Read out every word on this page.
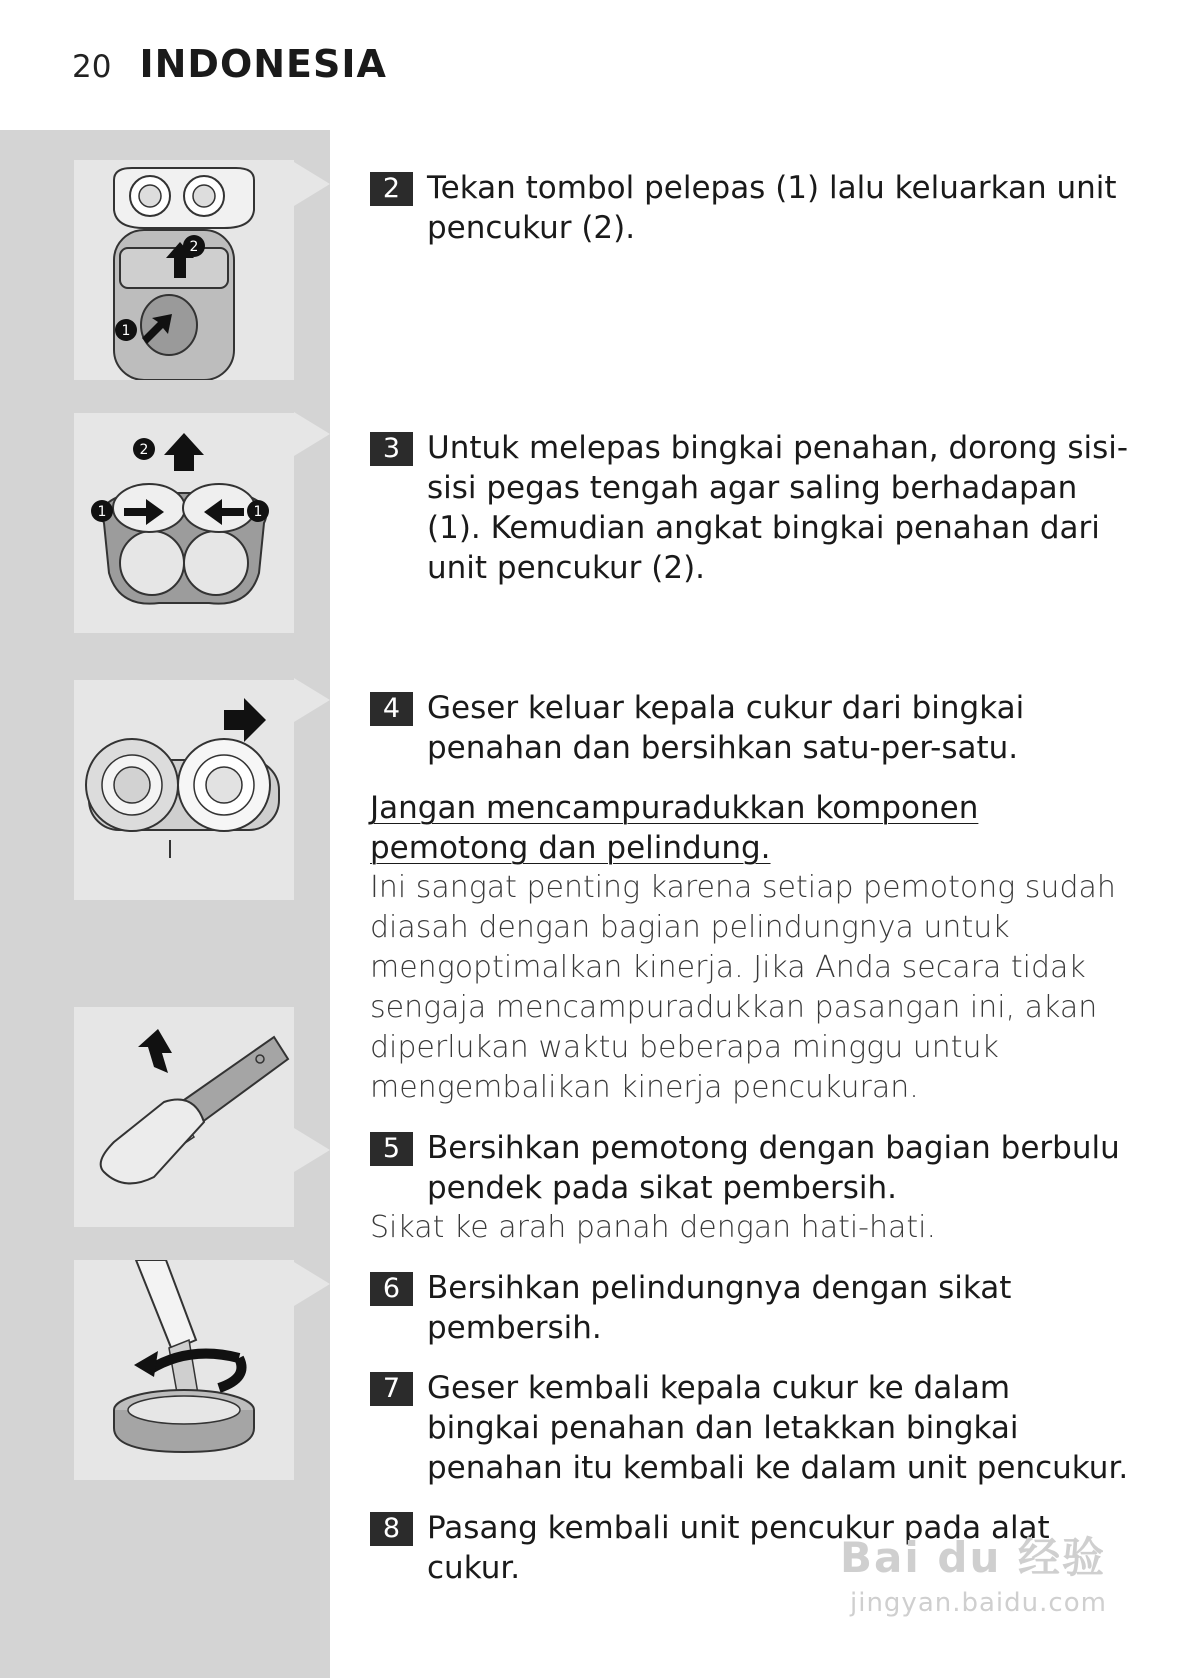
20 INDONESIA
2
1
2
1	1
2 Tekan tombol pelepas (1) lalu keluarkan unit pencukur (2).
3 Untuk melepas bingkai penahan, dorong sisi-sisi pegas tengah agar saling berhadapan (1). Kemudian angkat bingkai penahan dari unit pencukur (2).
4 Geser keluar kepala cukur dari bingkai penahan dan bersihkan satu-per-satu.
Jangan mencampuradukkan komponen pemotong dan pelindung.
Ini sangat penting karena setiap pemotong sudah diasah dengan bagian pelindungnya untuk mengoptimalkan kinerja. Jika Anda secara tidak sengaja mencampuradukkan pasangan ini, akan diperlukan waktu beberapa minggu untuk mengembalikan kinerja pencukuran.
5 Bersihkan pemotong dengan bagian berbulu pendek pada sikat pembersih.
Sikat ke arah panah dengan hati-hati.
6 Bersihkan pelindungnya dengan sikat pembersih.
7 Geser kembali kepala cukur ke dalam bingkai penahan dan letakkan bingkai penahan itu kembali ke dalam unit pencukur.
8 Pasang kembali unit pencukur pada alat cukur.	Bai du 经验
jingyan.baidu.com
